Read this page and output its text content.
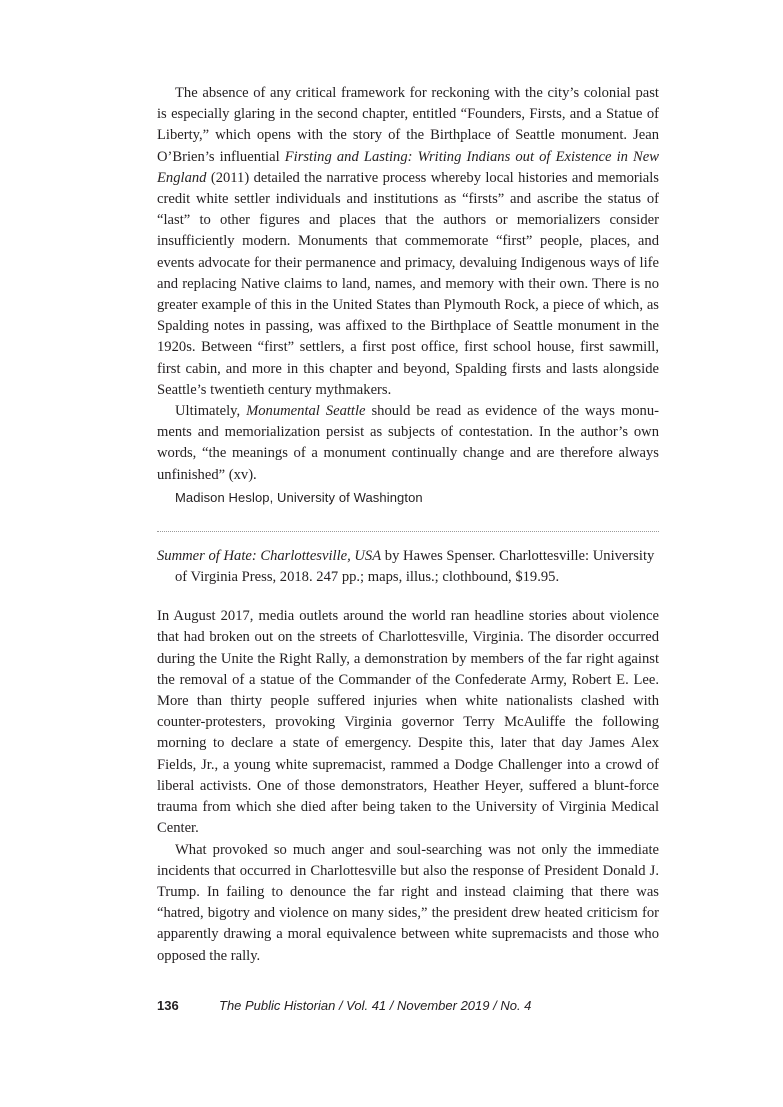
The absence of any critical framework for reckoning with the city’s colonial past is especially glaring in the second chapter, entitled “Founders, Firsts, and a Statue of Liberty,” which opens with the story of the Birthplace of Seattle monument. Jean O’Brien’s influential Firsting and Lasting: Writing Indians out of Existence in New England (2011) detailed the narrative process whereby local histories and memorials credit white settler individuals and institutions as “firsts” and ascribe the status of “last” to other figures and places that the authors or memorializers consider insufficiently modern. Monuments that commemorate “first” people, places, and events advocate for their permanence and primacy, devaluing Indigenous ways of life and replacing Native claims to land, names, and memory with their own. There is no greater example of this in the United States than Plymouth Rock, a piece of which, as Spalding notes in passing, was affixed to the Birthplace of Seattle monument in the 1920s. Between “first” settlers, a first post office, first school house, first sawmill, first cabin, and more in this chapter and beyond, Spalding firsts and lasts alongside Seattle’s twentieth century mythmakers.

Ultimately, Monumental Seattle should be read as evidence of the ways monuments and memorialization persist as subjects of contestation. In the author’s own words, “the meanings of a monument continually change and are therefore always unfinished” (xv).

Madison Heslop, University of Washington
Summer of Hate: Charlottesville, USA by Hawes Spenser. Charlottesville: University of Virginia Press, 2018. 247 pp.; maps, illus.; clothbound, $19.95.

In August 2017, media outlets around the world ran headline stories about violence that had broken out on the streets of Charlottesville, Virginia. The disorder occurred during the Unite the Right Rally, a demonstration by members of the far right against the removal of a statue of the Commander of the Confederate Army, Robert E. Lee. More than thirty people suffered injuries when white nationalists clashed with counter-protesters, provoking Virginia governor Terry McAuliffe the following morning to declare a state of emergency. Despite this, later that day James Alex Fields, Jr., a young white supremacist, rammed a Dodge Challenger into a crowd of liberal activists. One of those demonstrators, Heather Heyer, suffered a blunt-force trauma from which she died after being taken to the University of Virginia Medical Center.

What provoked so much anger and soul-searching was not only the immediate incidents that occurred in Charlottesville but also the response of President Donald J. Trump. In failing to denounce the far right and instead claiming that there was “hatred, bigotry and violence on many sides,” the president drew heated criticism for apparently drawing a moral equivalence between white supremacists and those who opposed the rally.

136	The Public Historian / Vol. 41 / November 2019 / No. 4
